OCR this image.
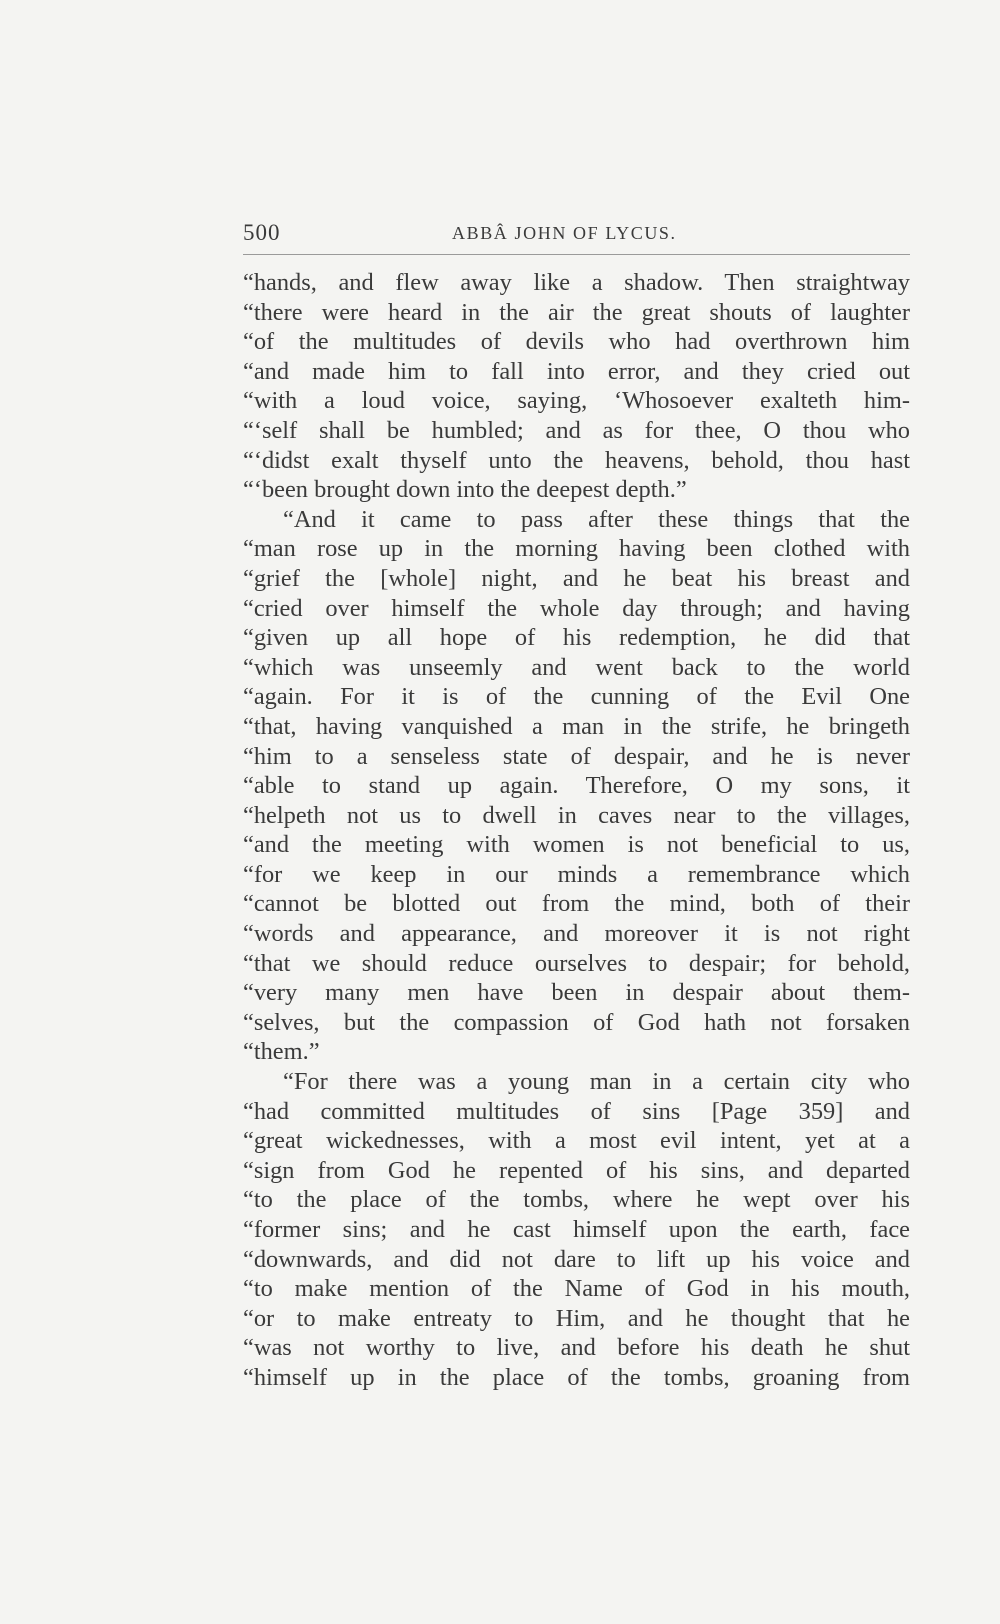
500	ABBÂ JOHN OF LYCUS.
“hands, and flew away like a shadow. Then straightway
“there were heard in the air the great shouts of laughter
“of the multitudes of devils who had overthrown him
“and made him to fall into error, and they cried out
“with a loud voice, saying, ‘Whosoever exalteth him-
“‘self shall be humbled; and as for thee, O thou who
“‘didst exalt thyself unto the heavens, behold, thou hast
“‘been brought down into the deepest depth.”
“And it came to pass after these things that the
“man rose up in the morning having been clothed with
“grief the [whole] night, and he beat his breast and
“cried over himself the whole day through; and having
“given up all hope of his redemption, he did that
“which was unseemly and went back to the world
“again. For it is of the cunning of the Evil One
“that, having vanquished a man in the strife, he bringeth
“him to a senseless state of despair, and he is never
“able to stand up again. Therefore, O my sons, it
“helpeth not us to dwell in caves near to the villages,
“and the meeting with women is not beneficial to us,
“for we keep in our minds a remembrance which
“cannot be blotted out from the mind, both of their
“words and appearance, and moreover it is not right
“that we should reduce ourselves to despair; for behold,
“very many men have been in despair about them-
“selves, but the compassion of God hath not forsaken
“them.”
“For there was a young man in a certain city who
“had committed multitudes of sins [Page 359] and
“great wickednesses, with a most evil intent, yet at a
“sign from God he repented of his sins, and departed
“to the place of the tombs, where he wept over his
“former sins; and he cast himself upon the earth, face
“downwards, and did not dare to lift up his voice and
“to make mention of the Name of God in his mouth,
“or to make entreaty to Him, and he thought that he
“was not worthy to live, and before his death he shut
“himself up in the place of the tombs, groaning from
